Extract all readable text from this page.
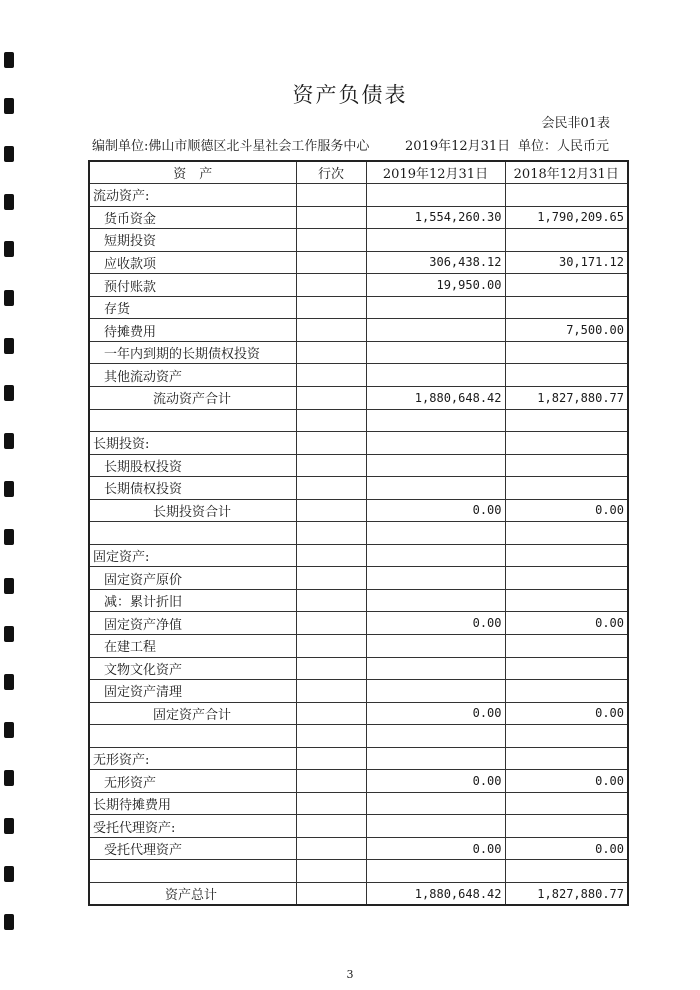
资产负债表
会民非01表
编制单位:佛山市顺德区北斗星社会工作服务中心	2019年12月31日 单位：人民币元
资　产	行次	2019年12月31日	2018年12月31日
流动资产:			
货币资金		1,554,260.30	1,790,209.65
短期投资			
应收款项		306,438.12	30,171.12
预付账款		19,950.00	
存货			
待摊费用			7,500.00
一年内到期的长期债权投资			
其他流动资产			
流动资产合计		1,880,648.42	1,827,880.77

长期投资:			
长期股权投资			
长期债权投资			
长期投资合计		0.00	0.00

固定资产:			
固定资产原价			
减：累计折旧			
固定资产净值		0.00	0.00
在建工程			
文物文化资产			
固定资产清理			
固定资产合计		0.00	0.00

无形资产:			
无形资产		0.00	0.00
长期待摊费用			
受托代理资产:			
受托代理资产		0.00	0.00

资产总计		1,880,648.42	1,827,880.77
3
